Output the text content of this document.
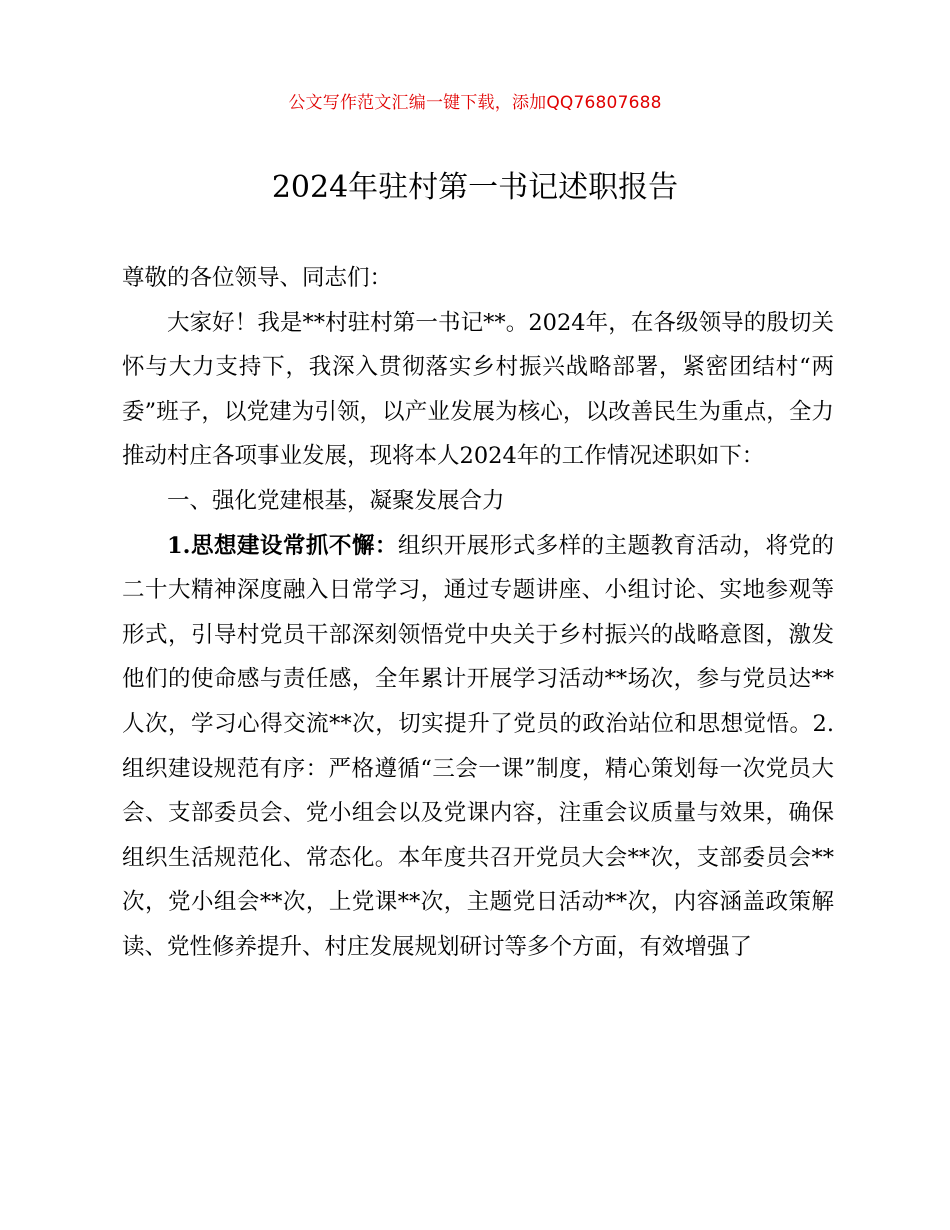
公文写作范文汇编一键下载，添加QQ76807688
2024年驻村第一书记述职报告

尊敬的各位领导、同志们：

大家好！我是**村驻村第一书记**。2024年，在各级领导的殷切关怀与大力支持下，我深入贯彻落实乡村振兴战略部署，紧密团结村“两委”班子，以党建为引领，以产业发展为核心，以改善民生为重点，全力推动村庄各项事业发展，现将本人2024年的工作情况述职如下：

一、强化党建根基，凝聚发展合力

1.思想建设常抓不懈：组织开展形式多样的主题教育活动，将党的二十大精神深度融入日常学习，通过专题讲座、小组讨论、实地参观等形式，引导村党员干部深刻领悟党中央关于乡村振兴的战略意图，激发他们的使命感与责任感，全年累计开展学习活动**场次，参与党员达**人次，学习心得交流**次，切实提升了党员的政治站位和思想觉悟。2.组织建设规范有序：严格遵循“三会一课”制度，精心策划每一次党员大会、支部委员会、党小组会以及党课内容，注重会议质量与效果，确保组织生活规范化、常态化。本年度共召开党员大会**次，支部委员会**次，党小组会**次，上党课**次，主题党日活动**次，内容涵盖政策解读、党性修养提升、村庄发展规划研讨等多个方面，有效增强了
